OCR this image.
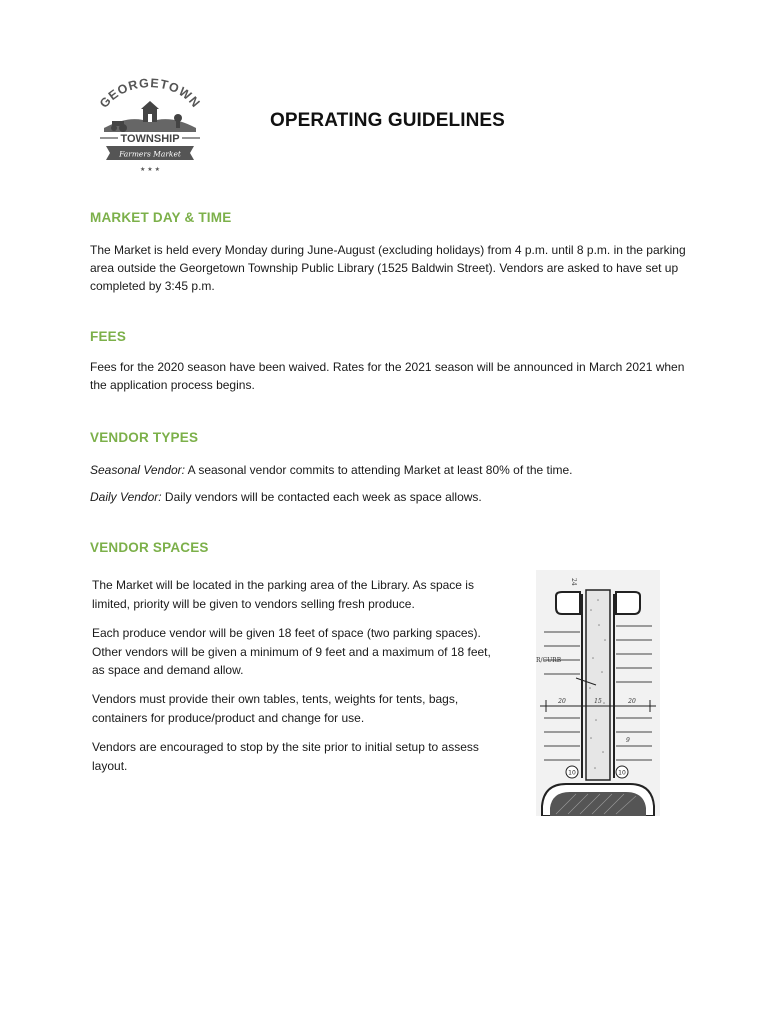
GEORGETOWN
TOWNSHIP
Farmers Market
★ ★ ★
OPERATING GUIDELINES
MARKET DAY & TIME

The Market is held every Monday during June-August (excluding holidays) from 4 p.m. until 8 p.m. in the parking area outside the Georgetown Township Public Library (1525 Baldwin Street). Vendors are asked to have set up completed by 3:45 p.m.

FEES

Fees for the 2020 season have been waived. Rates for the 2021 season will be announced in March 2021 when the application process begins.

VENDOR TYPES

Seasonal Vendor: A seasonal vendor commits to attending Market at least 80% of the time.

Daily Vendor: Daily vendors will be contacted each week as space allows.

VENDOR SPACES

The Market will be located in the parking area of the Library. As space is limited, priority will be given to vendors selling fresh produce.

Each produce vendor will be given 18 feet of space (two parking spaces). Other vendors will be given a minimum of 9 feet and a maximum of 18 feet, as space and demand allow.

Vendors must provide their own tables, tents, weights for tents, bags, containers for produce/product and change for use.

Vendors are encouraged to stop by the site prior to initial setup to assess layout.

24
R/CURB
20	15	20
9
10	10
